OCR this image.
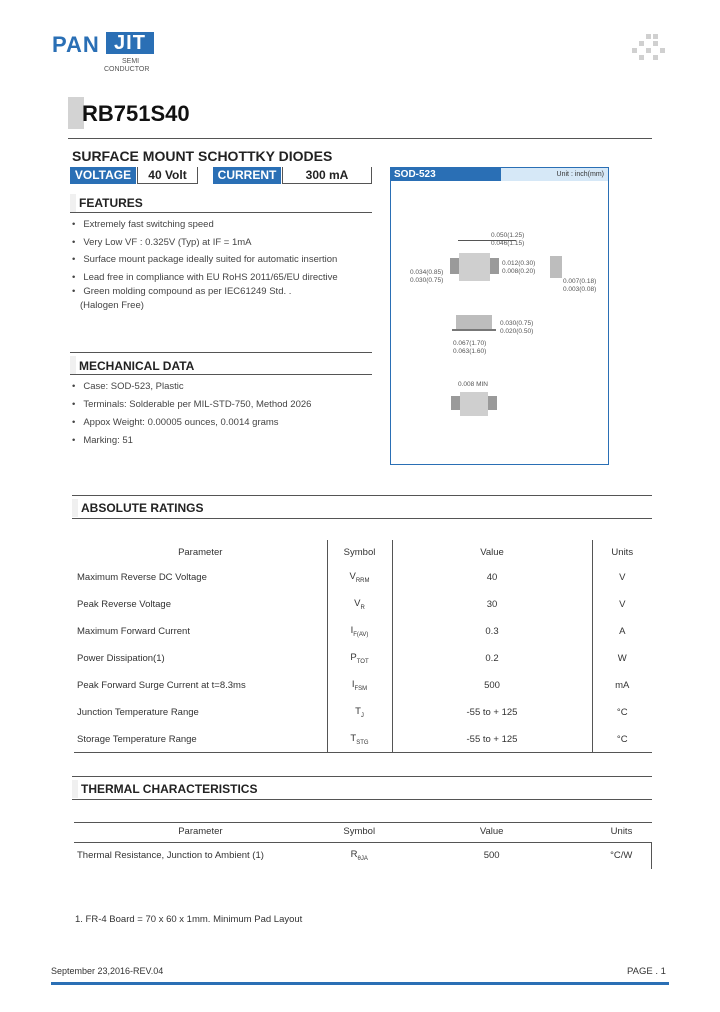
PAN JIT
SEMI
CONDUCTOR
RB751S40
SURFACE MOUNT SCHOTTKY DIODES
VOLTAGE	40 Volt	CURRENT	300 mA
FEATURES
• Extremely fast switching speed
• Very Low VF : 0.325V (Typ) at IF = 1mA
• Surface mount package ideally suited for automatic insertion
• Lead free in compliance with EU RoHS 2011/65/EU directive
• Green molding compound as per IEC61249 Std. .
(Halogen Free)
MECHANICAL DATA
• Case: SOD-523, Plastic
• Terminals: Solderable per MIL-STD-750, Method 2026
• Appox Weight: 0.00005 ounces, 0.0014 grams
• Marking: 51
SOD-523	Unit : inch(mm)
0.050(1.25)
0.046(1.15)
0.034(0.85)
0.030(0.75)
0.012(0.30)
0.008(0.20)
0.007(0.18)
0.003(0.08)
0.030(0.75)
0.020(0.50)
0.067(1.70)
0.063(1.60)
0.008 MIN
ABSOLUTE RATINGS
Parameter	Symbol	Value	Units
Maximum Reverse DC Voltage	$V_{RRM}$	40	V
Peak Reverse Voltage	$V_R$	30	V
Maximum Forward Current	$I_{F(AV)}$	0.3	A
Power Dissipation(1)	$P_{TOT}$	0.2	W
Peak Forward Surge Current at t=8.3ms	$I_{FSM}$	500	mA
Junction Temperature Range	$T_J$	-55 to + 125	°C
Storage Temperature Range	$T_{STG}$	-55 to + 125	°C
THERMAL CHARACTERISTICS
Parameter	Symbol	Value	Units
Thermal Resistance, Junction to Ambient (1)	$R_{\theta JA}$	500	°C/W
1. FR-4 Board = 70 x 60 x 1mm. Minimum Pad Layout
September 23,2016-REV.04	PAGE . 1
